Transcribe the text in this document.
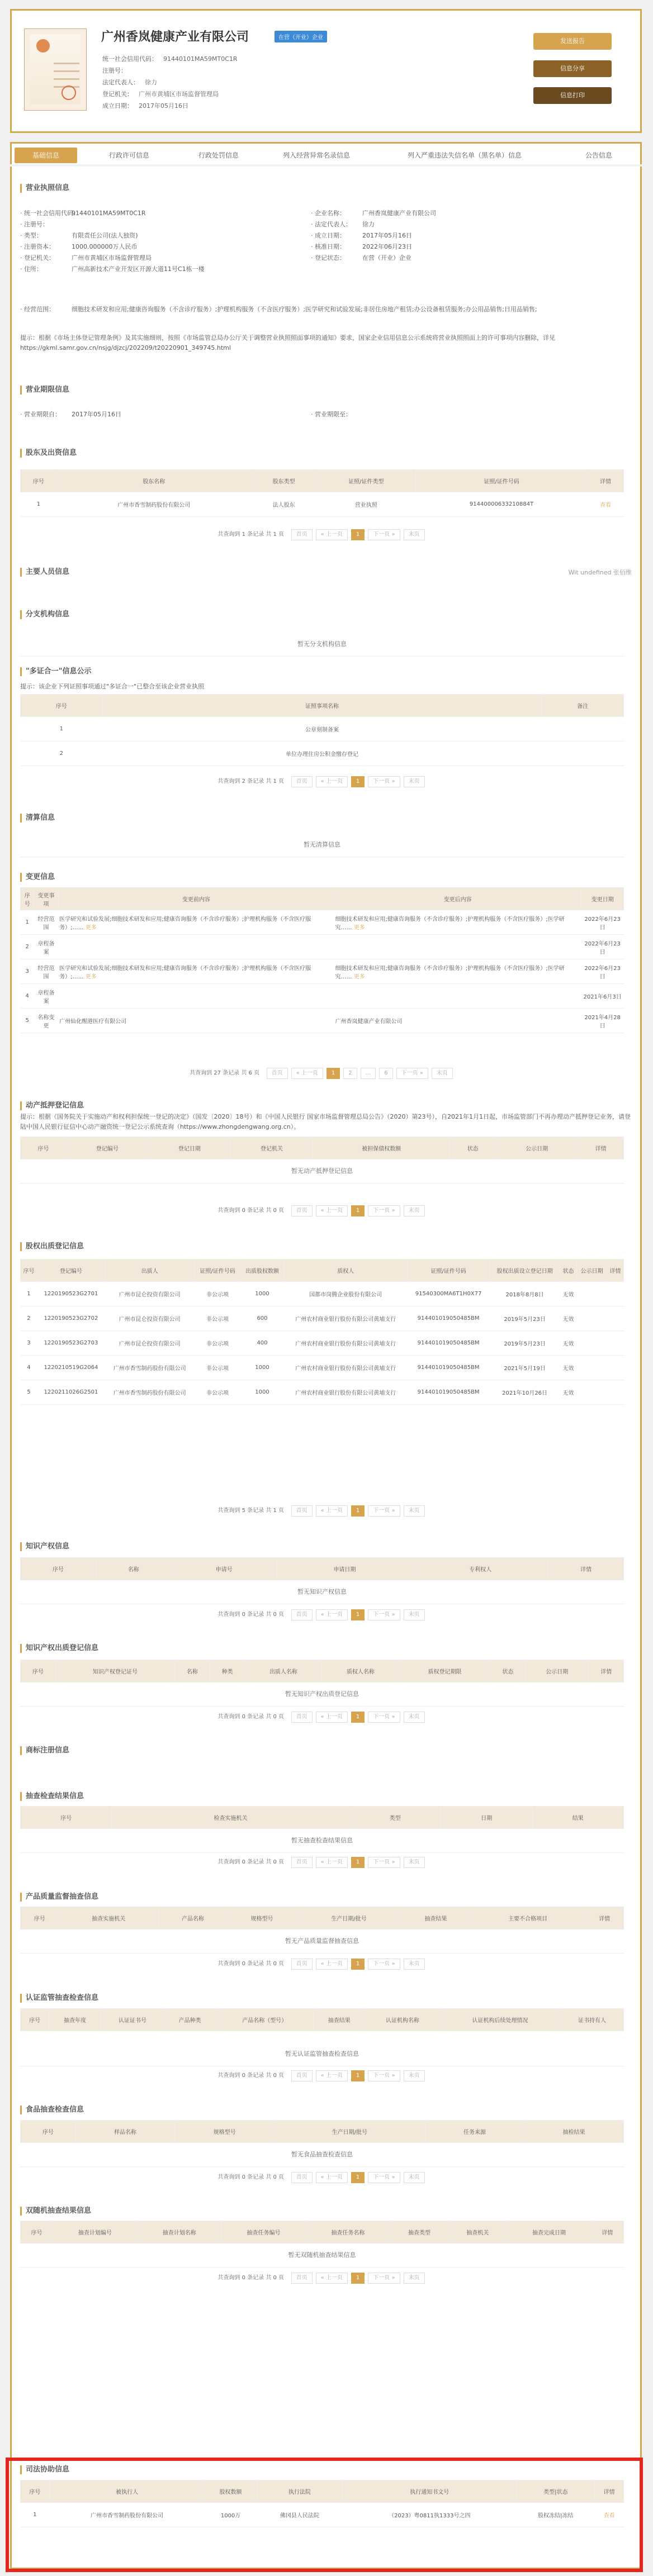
广州香岚健康产业有限公司	在营（开业）企业
统一社会信用代码： 91440101MA59MT0C1R
注册号：
法定代表人： 徐力
登记机关： 广州市黄埔区市场监督管理局
成立日期： 2017年05月16日
发送报告
信息分享
信息打印
基础信息	行政许可信息	行政处罚信息	列入经营异常名录信息	列入严重违法失信名单（黑名单）信息	公告信息
营业执照信息
· 统一社会信用代码：91440101MA59MT0C1R
· 注册号：
· 类型：	有限责任公司(法人独资)
· 注册资本：	1000.000000万人民币
· 登记机关：	广州市黄埔区市场监督管理局
· 住所：	广州高新技术产业开发区开源大道11号C1栋一楼
· 企业名称：	广州香岚健康产业有限公司
· 法定代表人： 徐力
· 成立日期：	2017年05月16日
· 核准日期：	2022年06月23日
· 登记状态：	在营（开业）企业
· 经营范围：	细胞技术研发和应用;健康咨询服务（不含诊疗服务）;护理机构服务（不含医疗服务）;医学研究和试验发展;非居住房地产租赁;办公设备租赁服务;办公用品销售;日用品销售;
提示：根据《市场主体登记管理条例》及其实施细则，按照《市场监管总局办公厅关于调整营业执照照面事项的通知》要求，国家企业信用信息公示系统将营业执照照面上的许可事项内容删除，详见https://gkml.samr.gov.cn/nsjg/djzcj/202209/t20220901_349745.html
营业期限信息
· 营业期限自： 2017年05月16日	· 营业期限至：
股东及出资信息
序号	股东名称	股东类型	证照/证件类型	证照/证件号码	详情
1	广州市香雪制药股份有限公司	法人股东	营业执照	91440000633210884T	查看
共查询到 1 条记录 共 1 页 首页 « 上一页 1 下一页 » 末页
主要人员信息	Wit undefined 张佰维
分支机构信息
暂无分支机构信息
"多证合一"信息公示
提示：该企业下列证照事项通过"多证合一"已整合至该企业营业执照
序号	证照事项名称	备注
1	公章刻制备案	
2	单位办理住房公积金缴存登记	
共查询到 2 条记录 共 1 页 首页 « 上一页 1 下一页 » 末页
清算信息
暂无清算信息
变更信息
序号	变更事项	变更前内容	变更后内容	变更日期
1	经营范围	医学研究和试验发展;细胞技术研发和应用;健康咨询服务（不含诊疗服务）;护理机构服务（不含医疗服务）;…… 更多	细胞技术研发和应用;健康咨询服务（不含诊疗服务）;护理机构服务（不含医疗服务）;医学研究…… 更多	2022年6月23日
2	章程备案			2022年6月23日
3	经营范围	医学研究和试验发展;细胞技术研发和应用;健康咨询服务（不含诊疗服务）;护理机构服务（不含医疗服务）;…… 更多	细胞技术研发和应用;健康咨询服务（不含诊疗服务）;护理机构服务（不含医疗服务）;医学研究…… 更多	2022年6月23日
4	章程备案			2021年6月3日
5	名称变更	广州仙化醒港医疗有限公司	广州香岚健康产业有限公司	2021年4月28日
共查询到 27 条记录 共 6 页 首页 « 上一页 1 2 ... 6 下一页 » 末页
动产抵押登记信息
提示：根据《国务院关于实施动产和权利担保统一登记的决定》（国发〔2020〕18号）和《中国人民银行 国家市场监督管理总局公告》（2020）第23号），自2021年1月1日起，市场监管部门不再办理动产抵押登记业务，请登陆中国人民银行征信中心动产融资统一登记公示系统查询（https://www.zhongdengwang.org.cn）。
序号	登记编号	登记日期	登记机关	被担保债权数额	状态	公示日期	详情
暂无动产抵押登记信息
共查询到 0 条记录 共 0 页 首页 « 上一页 1 下一页 » 末页
股权出质登记信息
序号	登记编号	出质人	证照/证件号码	出质股权数额	质权人	证照/证件号码	股权出质设立登记日期	状态	公示日期	详情
1	1220190523G2701	广州市昆仑投资有限公司	非公示项	1000	国都市岗腾企业股份有限公司	91540300MA6T1H0X77	2018年8月8日	无效		
2	1220190523G2702	广州市昆仑投资有限公司	非公示项	600	广州农村商业银行股份有限公司黄埔支行	914401019050485BM	2019年5月23日	无效		
3	1220190523G2703	广州市昆仑投资有限公司	非公示项	400	广州农村商业银行股份有限公司黄埔支行	914401019050485BM	2019年5月23日	无效		
4	1220210519G2064	广州市香雪制药股份有限公司	非公示项	1000	广州农村商业银行股份有限公司黄埔支行	914401019050485BM	2021年5月19日	无效		
5	1220211026G2501	广州市香雪制药股份有限公司	非公示项	1000	广州农村商业银行股份有限公司黄埔支行	914401019050485BM	2021年10月26日	无效		
共查询到 5 条记录 共 1 页 首页 « 上一页 1 下一页 » 末页
知识产权信息
序号	名称	申请号	申请日期	专利权人	详情
暂无知识产权信息
共查询到 0 条记录 共 0 页 首页 « 上一页 1 下一页 » 末页
知识产权出质登记信息
序号	知识产权登记证号	名称	种类	出质人名称	质权人名称	质权登记期限	状态	公示日期	详情
暂无知识产权出质登记信息
共查询到 0 条记录 共 0 页 首页 « 上一页 1 下一页 » 末页
商标注册信息
抽查检查结果信息
序号	检查实施机关	类型	日期	结果
暂无抽查检查结果信息
共查询到 0 条记录 共 0 页 首页 « 上一页 1 下一页 » 末页
产品质量监督抽查信息
序号	抽查实施机关	产品名称	规格型号	生产日期/批号	抽查结果	主要不合格项目	详情
暂无产品质量监督抽查信息
共查询到 0 条记录 共 0 页 首页 « 上一页 1 下一页 » 末页
认证监管抽查检查信息
序号	抽查年度	认证证书号	产品种类	产品名称（型号）	抽查结果	认证机构名称	认证机构后续处理情况	证书持有人
暂无认证监管抽查检查信息
共查询到 0 条记录 共 0 页 首页 « 上一页 1 下一页 » 末页
食品抽查检查信息
序号	样品名称	规格型号	生产日期/批号	任务来源	抽检结果
暂无食品抽查检查信息
共查询到 0 条记录 共 0 页 首页 « 上一页 1 下一页 » 末页
双随机抽查结果信息
序号	抽查计划编号	抽查计划名称	抽查任务编号	抽查任务名称	抽查类型	抽查机关	抽查完成日期	详情
暂无双随机抽查结果信息
共查询到 0 条记录 共 0 页 首页 « 上一页 1 下一页 » 末页
司法协助信息
序号	被执行人	股权数额	执行法院	执行通知书文号	类型|状态	详情
1	广州市香雪制药股份有限公司	1000万	佛冈县人民法院	（2023）粤0811执1333号之四	股权冻结|冻结	查看
